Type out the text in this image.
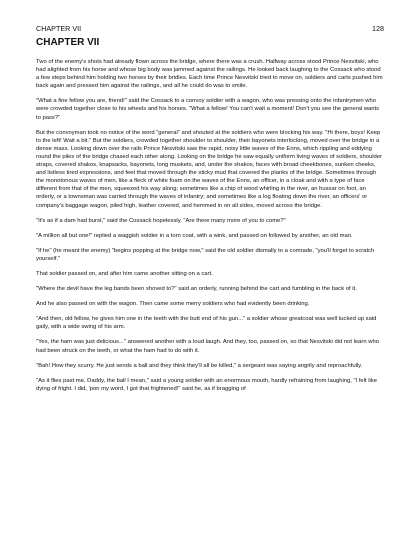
CHAPTER VII	128
CHAPTER VII

Two of the enemy's shots had already flown across the bridge, where there was a crush. Halfway across stood Prince Nesvitski, who had alighted from his horse and whose big body was jammed against the railings. He looked back laughing to the Cossack who stood a few steps behind him holding two horses by their bridles. Each time Prince Nesvitski tried to move on, soldiers and carts pushed him back again and pressed him against the railings, and all he could do was to smile.

"What a fine fellow you are, friend!" said the Cossack to a convoy soldier with a wagon, who was pressing onto the infantrymen who were crowded together close to his wheels and his horses. "What a fellow! You can't wait a moment! Don't you see the general wants to pass?"

But the convoyman took no notice of the word "general" and shouted at the soldiers who were blocking his way. "Hi there, boys! Keep to the left! Wait a bit." But the soldiers, crowded together shoulder to shoulder, their bayonets interlocking, moved over the bridge in a dense mass. Looking down over the rails Prince Nesvitski saw the rapid, noisy little waves of the Enns, which rippling and eddying round the piles of the bridge chased each other along. Looking on the bridge he saw equally uniform living waves of soldiers, shoulder straps, covered shakos, knapsacks, bayonets, long muskets, and, under the shakos, faces with broad cheekbones, sunken cheeks, and listless tired expressions, and feet that moved through the sticky mud that covered the planks of the bridge. Sometimes through the monotonous waves of men, like a fleck of white foam on the waves of the Enns, an officer, in a cloak and with a type of face different from that of the men, squeezed his way along; sometimes like a chip of wood whirling in the river, an hussar on foot, an orderly, or a townsman was carried through the waves of infantry; and sometimes like a log floating down the river, an officers' or company's baggage wagon, piled high, leather covered, and hemmed in on all sides, moved across the bridge.

"It's as if a dam had burst," said the Cossack hopelessly. "Are there many more of you to come?"

"A million all but one!" replied a waggish soldier in a torn coat, with a wink, and passed on followed by another, an old man.

"If he" (he meant the enemy) "begins popping at the bridge now," said the old soldier dismally to a comrade, "you'll forget to scratch yourself."

That soldier passed on, and after him came another sitting on a cart.

"Where the devil have the leg bands been shoved to?" said an orderly, running behind the cart and fumbling in the back of it.

And he also passed on with the wagon. Then came some merry soldiers who had evidently been drinking.

"And then, old fellow, he gives him one in the teeth with the butt end of his gun..." a soldier whose greatcoat was well tucked up said gaily, with a wide swing of his arm.

"Yes, the ham was just delicious..." answered another with a loud laugh. And they, too, passed on, so that Nesvitski did not learn who had been struck on the teeth, or what the ham had to do with it.

"Bah! How they scurry. He just sends a ball and they think they'll all be killed," a sergeant was saying angrily and reproachfully.

"As it flies past me, Daddy, the ball I mean," said a young soldier with an enormous mouth, hardly refraining from laughing, "I felt like dying of fright. I did, 'pon my word, I got that frightened!" said he, as if bragging of
